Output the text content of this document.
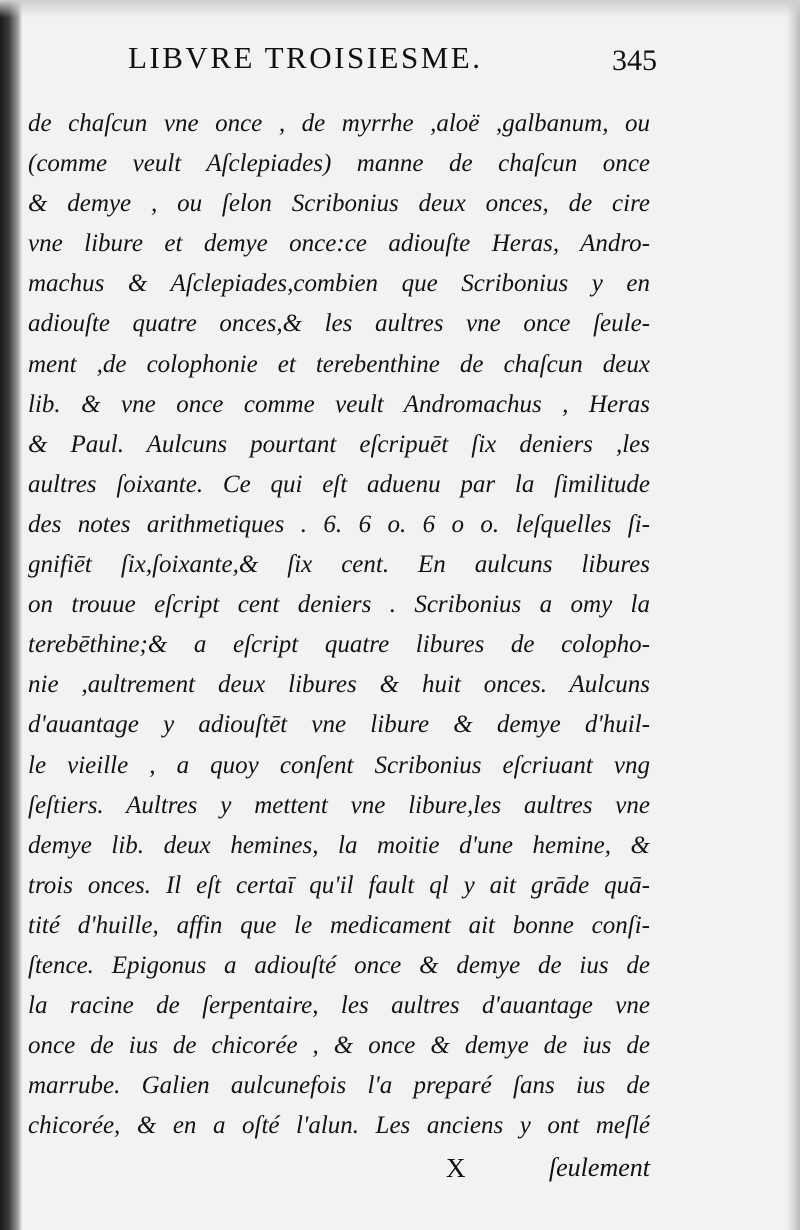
LIBVRE TROISIESME.	345
de chaſcun vne once , de myrrhe ,aloë ,galbanum, ou
(comme veult Aſclepiades) manne de chaſcun once
& demye , ou ſelon Scribonius deux onces, de cire
vne libure et demye once:ce adiouſte Heras, Andro-
machus & Aſclepiades,combien que Scribonius y en
adiouſte quatre onces,& les aultres vne once ſeule-
ment ,de colophonie et terebenthine de chaſcun deux
lib. & vne once comme veult Andromachus , Heras
& Paul. Aulcuns pourtant eſcripuēt ſix deniers ,les
aultres ſoixante. Ce qui eſt aduenu par la ſimilitude
des notes arithmetiques . 6. 6 o. 6 o o. leſquelles ſi-
gnifiēt ſix,ſoixante,& ſix cent. En aulcuns libures
on trouue eſcript cent deniers . Scribonius a omy la
terebēthine;& a eſcript quatre libures de colopho-
nie ,aultrement deux libures & huit onces. Aulcuns
d'auantage y adiouſtēt vne libure & demye d'huil-
le vieille , a quoy conſent Scribonius eſcriuant vng
ſeſtiers. Aultres y mettent vne libure,les aultres vne
demye lib. deux hemines, la moitie d'une hemine, &
trois onces. Il eſt certaī qu'il fault ql y ait grāde quā-
tité d'huille, affin que le medicament ait bonne conſi-
ſtence. Epigonus a adiouſté once & demye de ius de
la racine de ſerpentaire, les aultres d'auantage vne
once de ius de chicorée , & once & demye de ius de
marrube. Galien aulcunefois l'a preparé ſans ius de
chicorée, & en a oſté l'alun. Les anciens y ont meſlé
X	ſeulement
